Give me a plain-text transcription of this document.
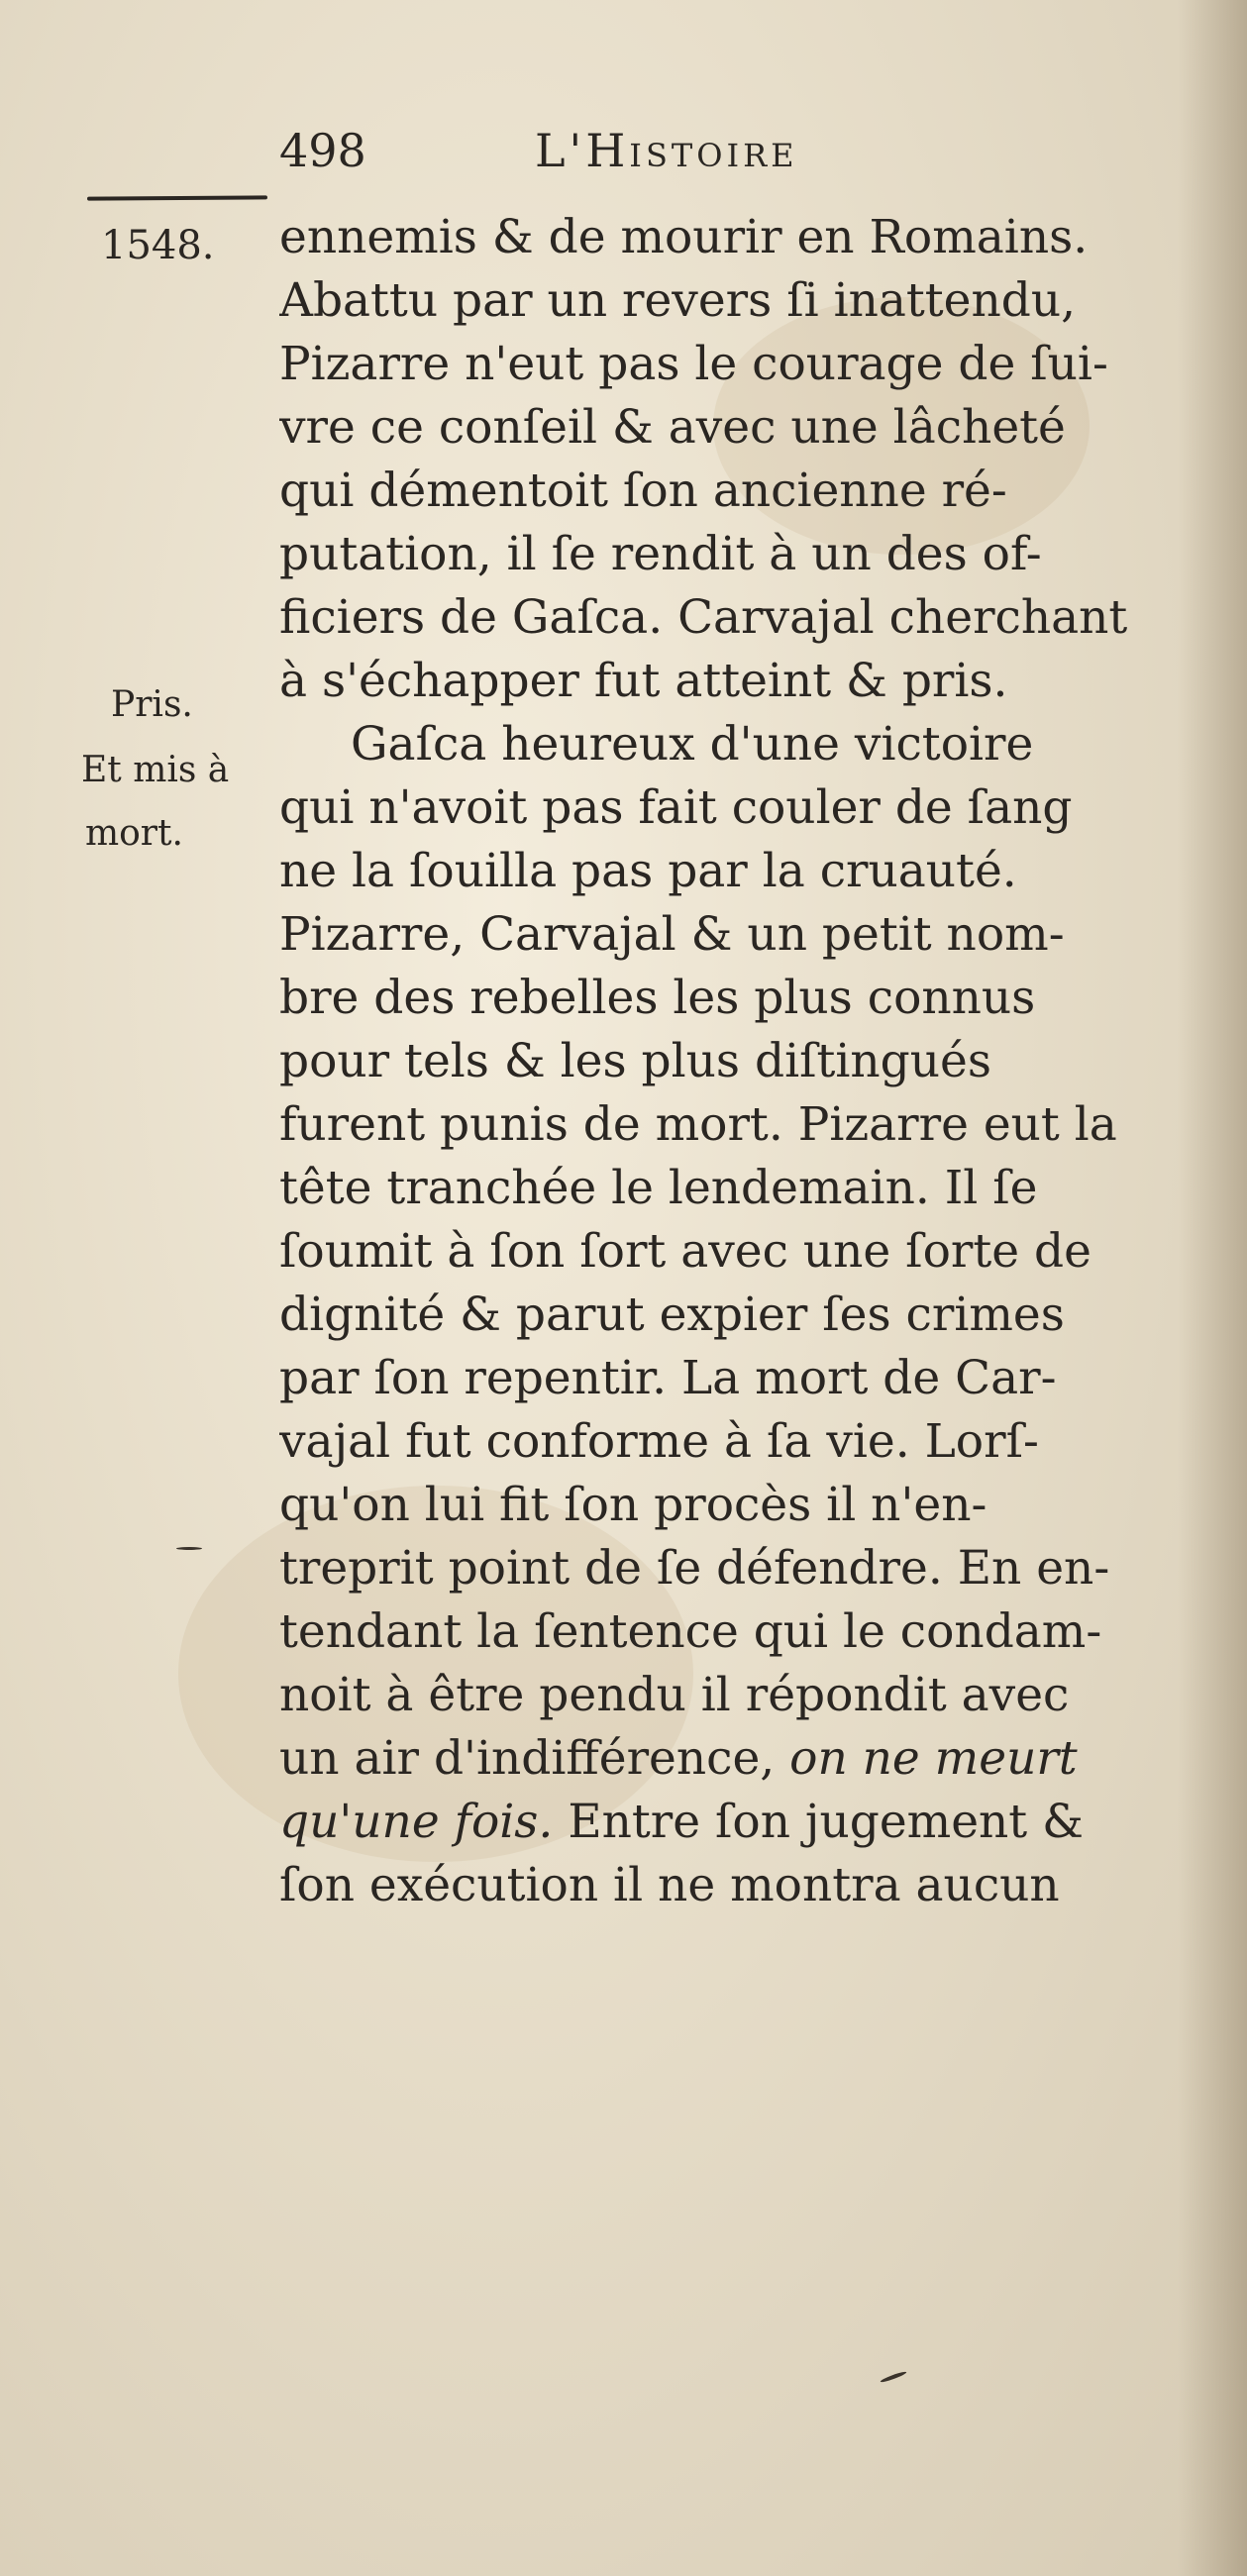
498	L'Histoire
1548.
Pris.
Et mis à
mort.
ennemis & de mourir en Romains.
Abattu par un revers ſi inattendu,
Pizarre n'eut pas le courage de ſui-
vre ce conſeil & avec une lâcheté
qui démentoit ſon ancienne ré-
putation, il ſe rendit à un des of-
ficiers de Gaſca. Carvajal cherchant
à s'échapper fut atteint & pris.
Gaſca heureux d'une victoire
qui n'avoit pas fait couler de ſang
ne la ſouilla pas par la cruauté.
Pizarre, Carvajal & un petit nom-
bre des rebelles les plus connus
pour tels & les plus diſtingués
furent punis de mort. Pizarre eut la
tête tranchée le lendemain. Il ſe
ſoumit à ſon ſort avec une ſorte de
dignité & parut expier ſes crimes
par ſon repentir. La mort de Car-
vajal fut conforme à ſa vie. Lorſ-
qu'on lui fit ſon procès il n'en-
treprit point de ſe défendre. En en-
tendant la ſentence qui le condam-
noit à être pendu il répondit avec
un air d'indifférence, on ne meurt
qu'une fois. Entre ſon jugement &
ſon exécution il ne montra aucun
